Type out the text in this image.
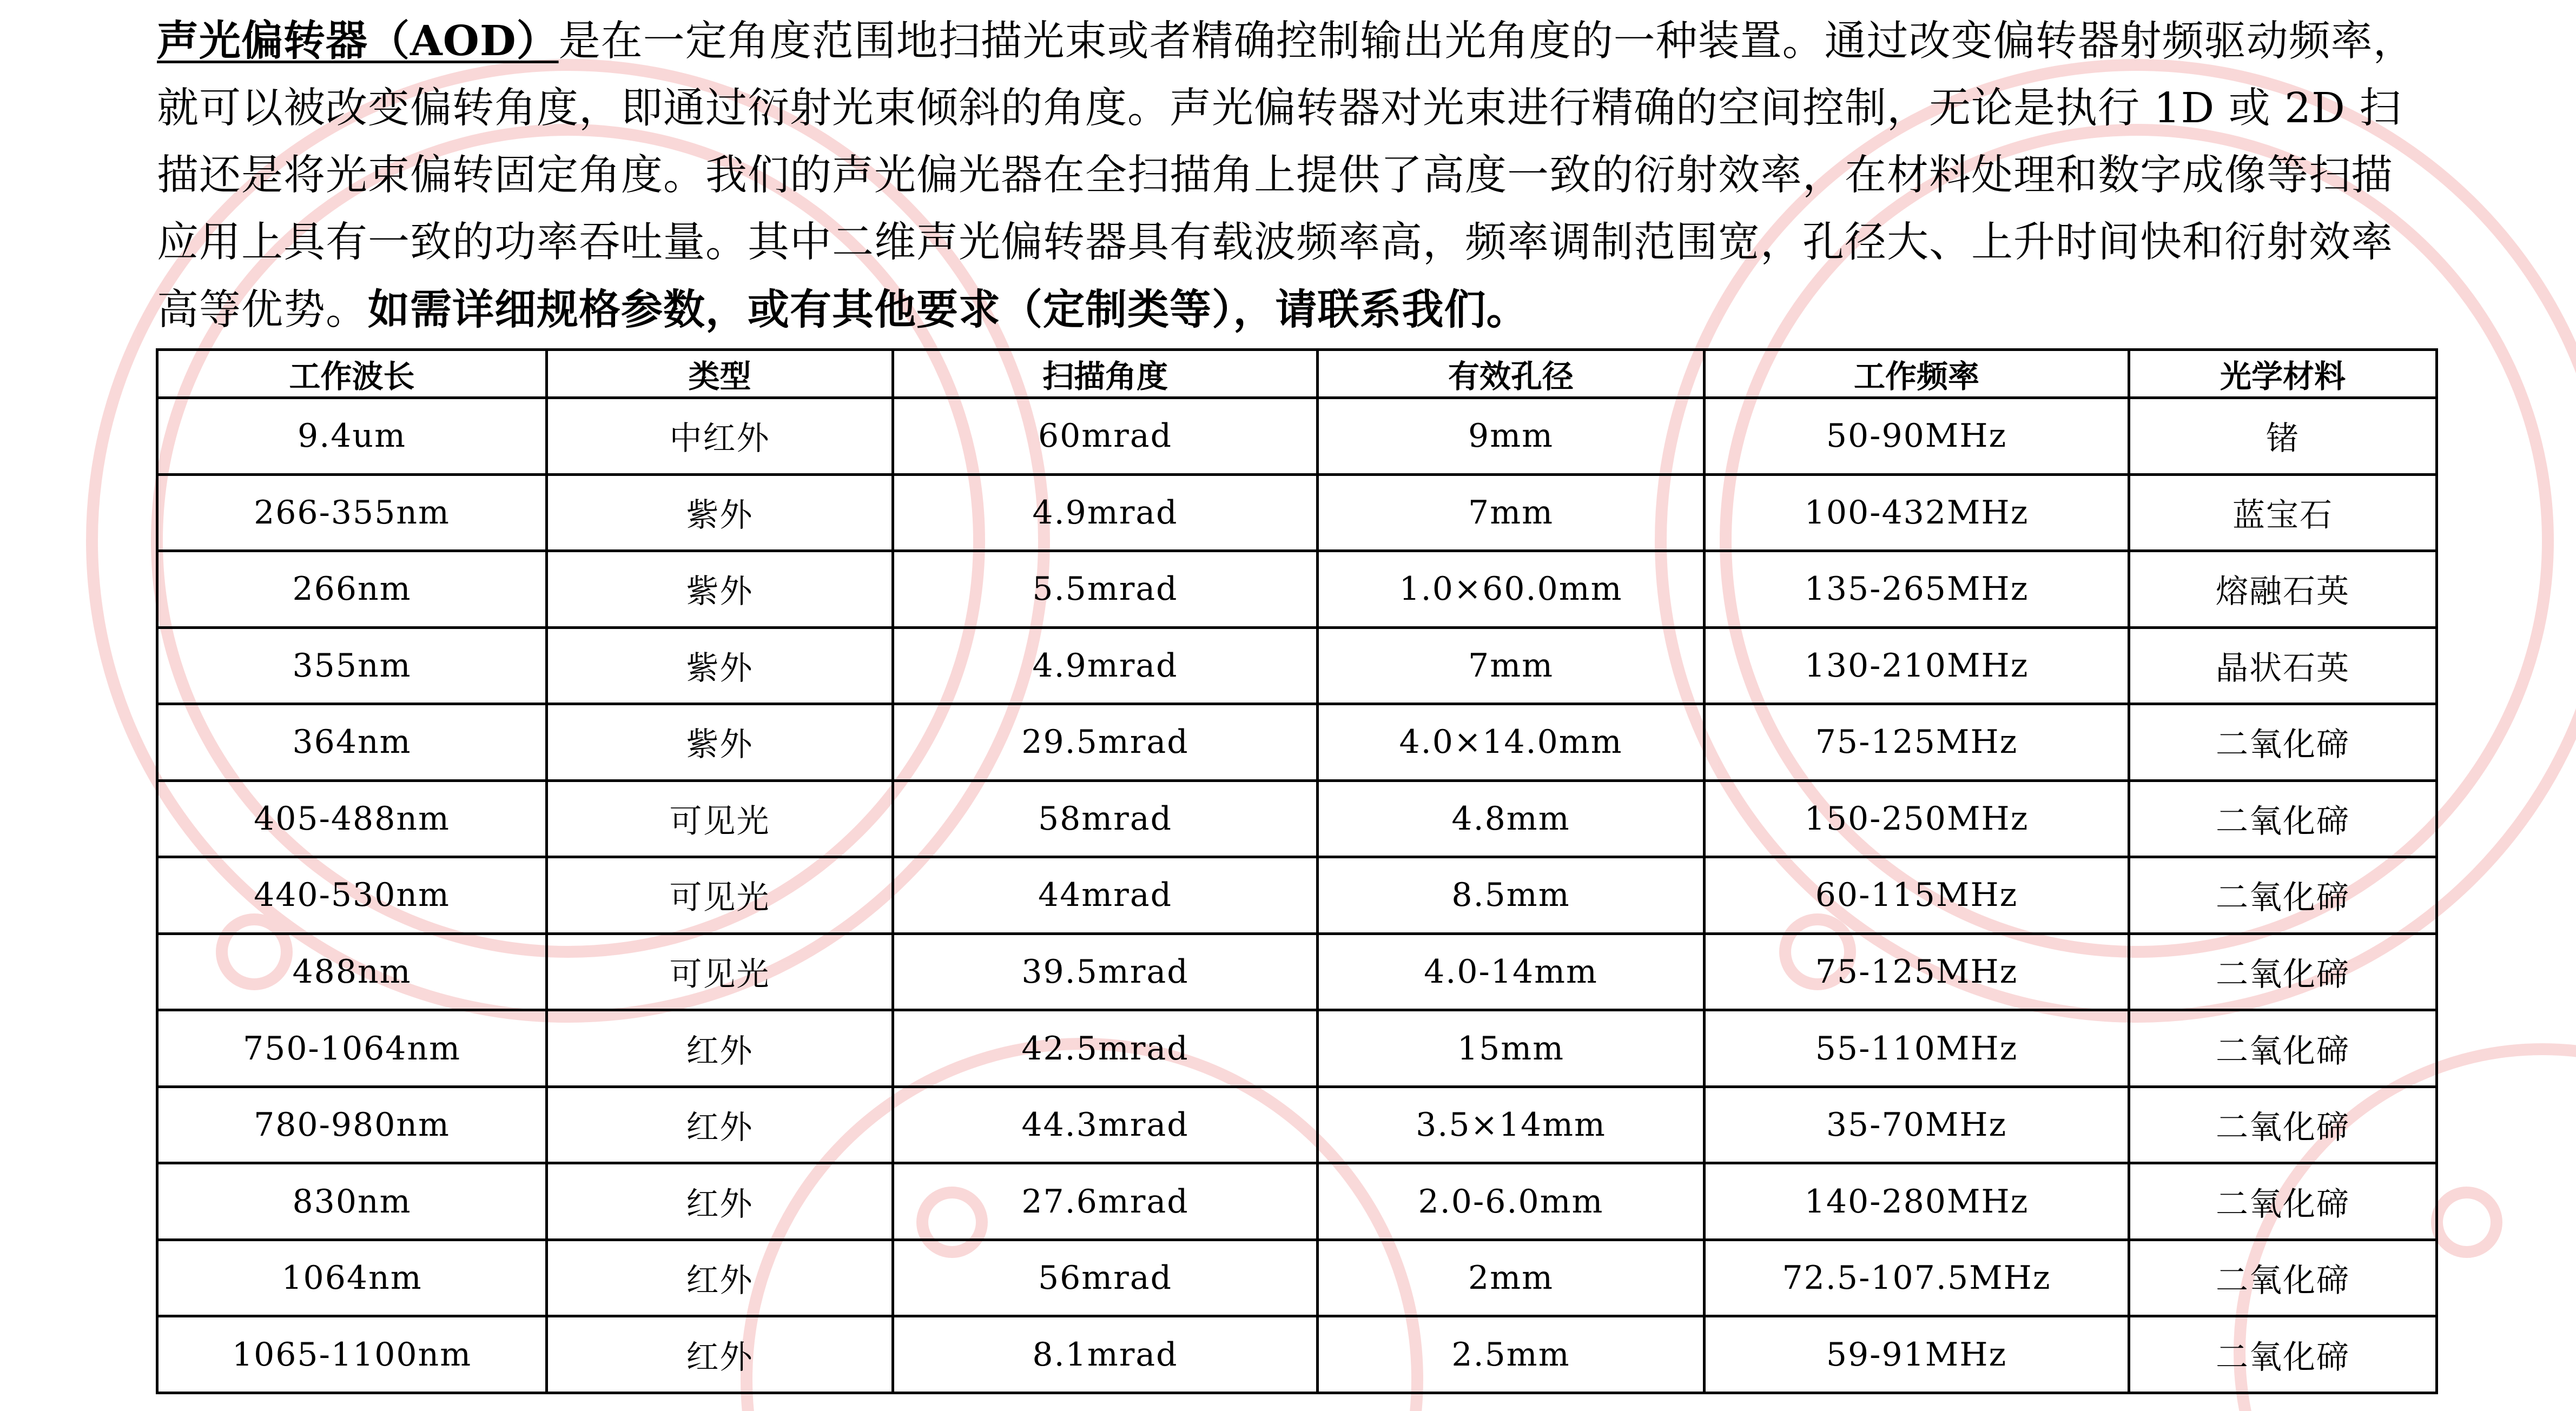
声光偏转器（AOD）是在一定角度范围地扫描光束或者精确控制输出光角度的一种装置。通过改变偏转器射频驱动频率，就可以被改变偏转角度，即通过衍射光束倾斜的角度。声光偏转器对光束进行精确的空间控制，无论是执行 1D 或 2D 扫描还是将光束偏转固定角度。我们的声光偏光器在全扫描角上提供了高度一致的衍射效率，在材料处理和数字成像等扫描应用上具有一致的功率吞吐量。其中二维声光偏转器具有载波频率高，频率调制范围宽，孔径大、上升时间快和衍射效率高等优势。如需详细规格参数，或有其他要求（定制类等），请联系我们。
工作波长	类型	扫描角度	有效孔径	工作频率	光学材料
9.4um	中红外	60mrad	9mm	50-90MHz	锗
266-355nm	紫外	4.9mrad	7mm	100-432MHz	蓝宝石
266nm	紫外	5.5mrad	1.0×60.0mm	135-265MHz	熔融石英
355nm	紫外	4.9mrad	7mm	130-210MHz	晶状石英
364nm	紫外	29.5mrad	4.0×14.0mm	75-125MHz	二氧化碲
405-488nm	可见光	58mrad	4.8mm	150-250MHz	二氧化碲
440-530nm	可见光	44mrad	8.5mm	60-115MHz	二氧化碲
488nm	可见光	39.5mrad	4.0-14mm	75-125MHz	二氧化碲
750-1064nm	红外	42.5mrad	15mm	55-110MHz	二氧化碲
780-980nm	红外	44.3mrad	3.5×14mm	35-70MHz	二氧化碲
830nm	红外	27.6mrad	2.0-6.0mm	140-280MHz	二氧化碲
1064nm	红外	56mrad	2mm	72.5-107.5MHz	二氧化碲
1065-1100nm	红外	8.1mrad	2.5mm	59-91MHz	二氧化碲
